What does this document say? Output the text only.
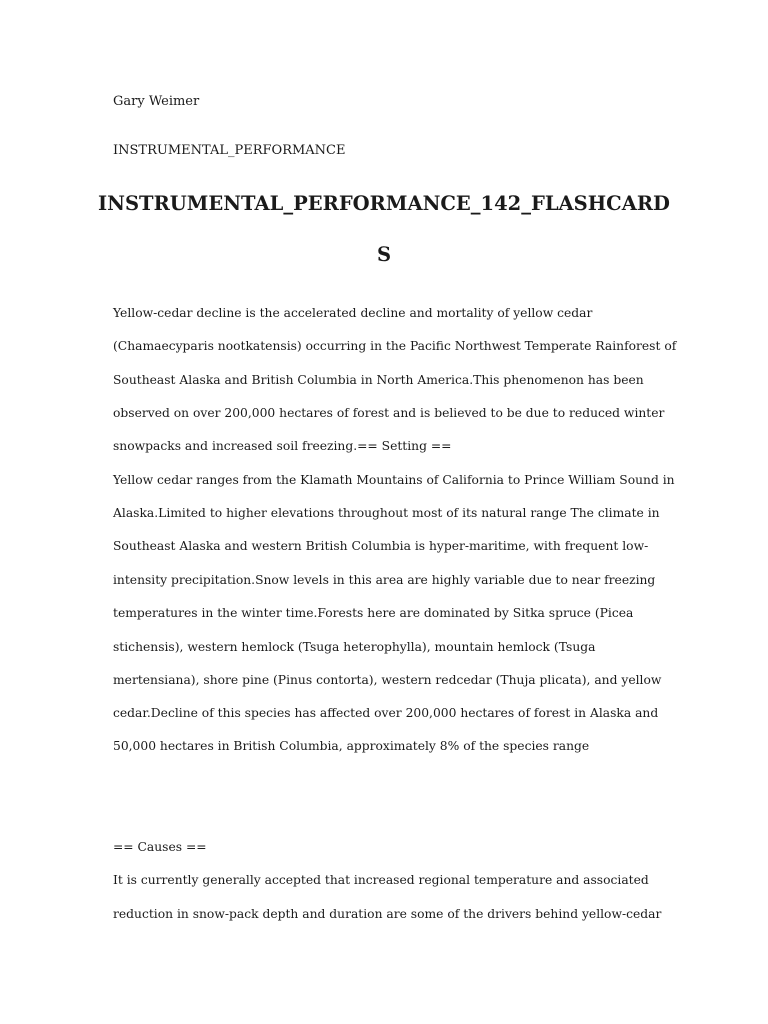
Gary Weimer
INSTRUMENTAL_PERFORMANCE
INSTRUMENTAL_PERFORMANCE_142_FLASHCARD
S
Yellow-cedar decline is the accelerated decline and mortality of yellow cedar
(Chamaecyparis nootkatensis) occurring in the Pacific Northwest Temperate Rainforest of
Southeast Alaska and British Columbia in North America.This phenomenon has been
observed on over 200,000 hectares of forest and is believed to be due to reduced winter
snowpacks and increased soil freezing.== Setting ==
Yellow cedar ranges from the Klamath Mountains of California to Prince William Sound in
Alaska.Limited to higher elevations throughout most of its natural range The climate in
Southeast Alaska and western British Columbia is hyper-maritime, with frequent low-
intensity precipitation.Snow levels in this area are highly variable due to near freezing
temperatures in the winter time.Forests here are dominated by Sitka spruce (Picea
stichensis), western hemlock (Tsuga heterophylla), mountain hemlock (Tsuga
mertensiana), shore pine (Pinus contorta), western redcedar (Thuja plicata), and yellow
cedar.Decline of this species has affected over 200,000 hectares of forest in Alaska and
50,000 hectares in British Columbia, approximately 8% of the species range
== Causes ==
It is currently generally accepted that increased regional temperature and associated
reduction in snow-pack depth and duration are some of the drivers behind yellow-cedar
